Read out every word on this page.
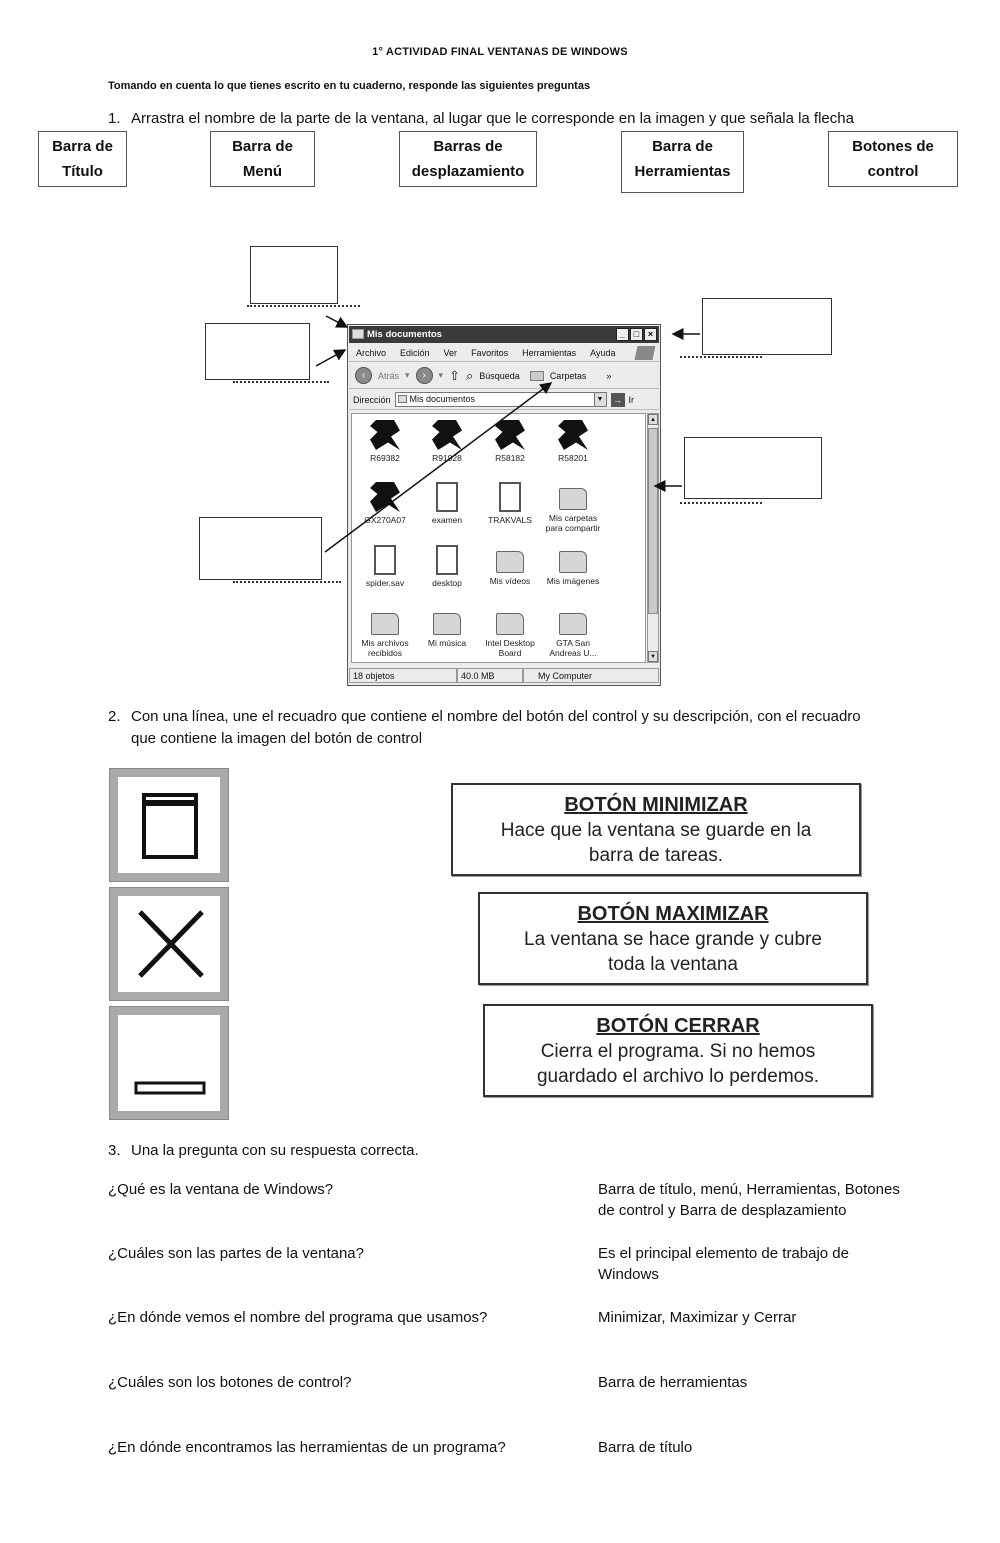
1° ACTIVIDAD FINAL VENTANAS DE WINDOWS
Tomando en cuenta lo que tienes escrito en tu cuaderno, responde las siguientes preguntas
1. Arrastra el nombre de la parte de la ventana, al lugar que le corresponde en la imagen y que señala la flecha
Barra de
Título
Barra de
Menú
Barras de
desplazamiento
Barra de
Herramientas
Botones de
control
Mis documentos	_ □ ×
Archivo	Edición	Ver	Favoritos	Herramientas	Ayuda
‹	Atrás ▾	›	▾ ⇧ ⌕ Búsqueda	Carpetas »
Dirección	Mis documentos	▼ → Ir
R69382	R91928	R58182	R58201
GX270A07	examen	TRAKVALS	Mis carpetas para compartir
spider.sav	desktop	Mis vídeos	Mis imágenes
Mis archivos recibidos
Mi música	Intel Desktop Board
GTA San Andreas U...
▲
▼
18 objetos	40.0 MB	My Computer
2. Con una línea, une el recuadro que contiene el nombre del botón del control y su descripción, con el recuadro
que contiene la imagen del botón de control
BOTÓN MINIMIZAR
Hace que la ventana se guarde en la
barra de tareas.
BOTÓN MAXIMIZAR
La ventana se hace grande y cubre
toda la ventana
BOTÓN CERRAR
Cierra el programa. Si no hemos
guardado el archivo lo perdemos.
3. Una la pregunta con su respuesta correcta.
¿Qué es la ventana de Windows?
¿Cuáles son las partes de la ventana?
¿En dónde vemos el nombre del programa que usamos?
¿Cuáles son los botones de control?
¿En dónde encontramos las herramientas de un programa?
Barra de título, menú, Herramientas, Botones
de control y Barra de desplazamiento
Es el principal elemento de trabajo de
Windows
Minimizar, Maximizar y Cerrar
Barra de herramientas
Barra de título
